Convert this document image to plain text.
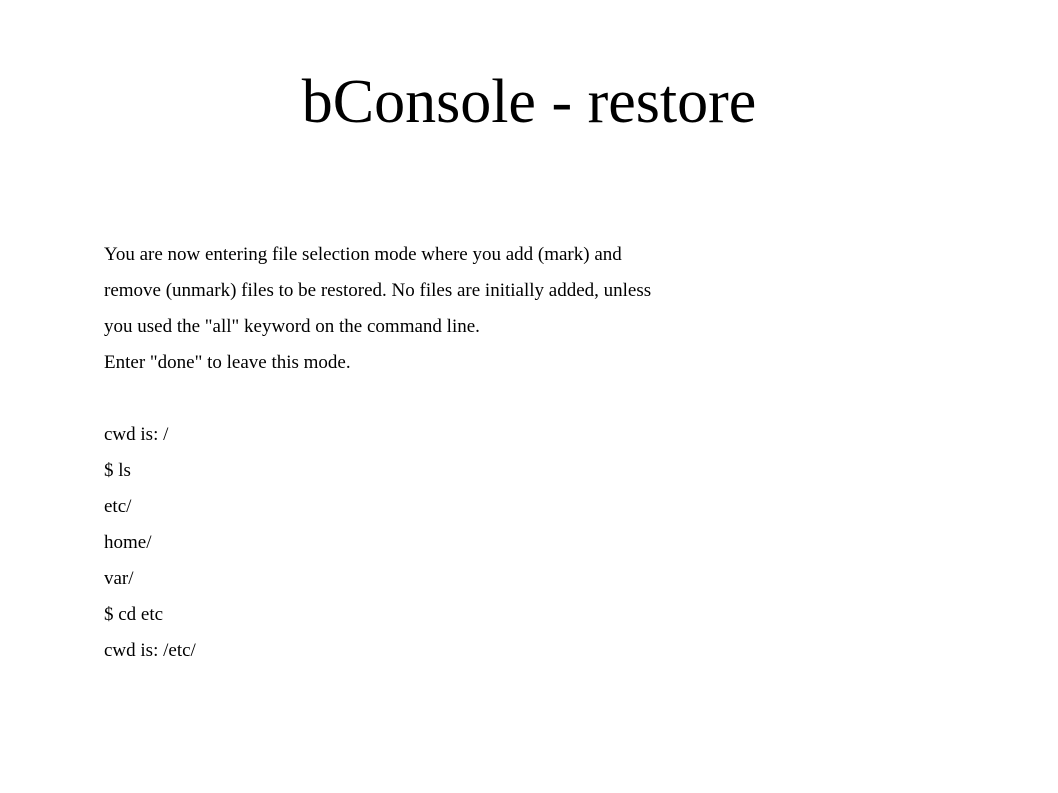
bConsole - restore
You are now entering file selection mode where you add (mark) and
remove (unmark) files to be restored. No files are initially added, unless
you used the "all" keyword on the command line.
Enter "done" to leave this mode.
cwd is: /
$ ls
etc/
home/
var/
$ cd etc
cwd is: /etc/
